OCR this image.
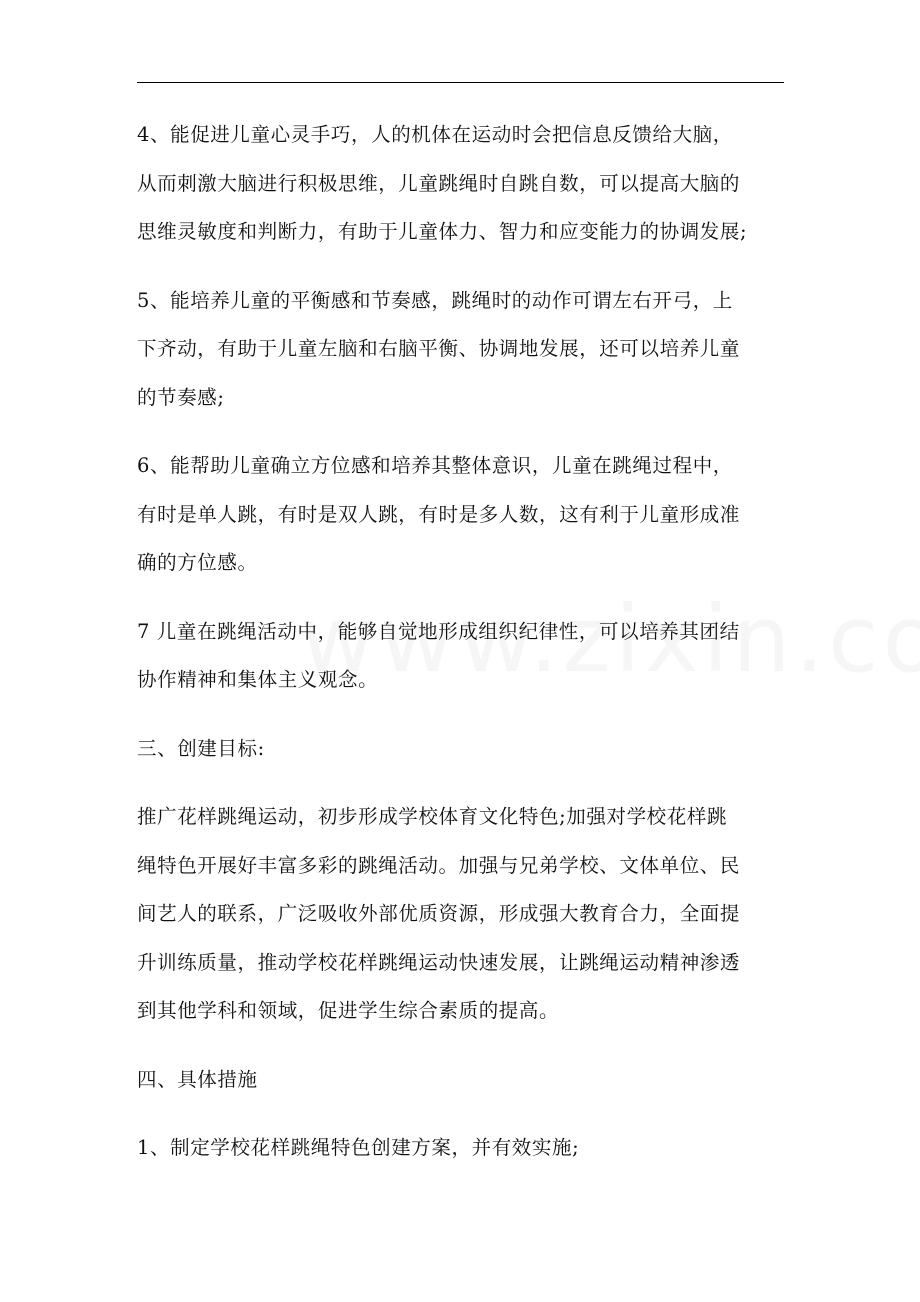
4、能促进儿童心灵手巧，人的机体在运动时会把信息反馈给大脑，
从而刺激大脑进行积极思维，儿童跳绳时自跳自数，可以提高大脑的
思维灵敏度和判断力，有助于儿童体力、智力和应变能力的协调发展;

5、能培养儿童的平衡感和节奏感，跳绳时的动作可谓左右开弓，上
下齐动，有助于儿童左脑和右脑平衡、协调地发展，还可以培养儿童
的节奏感;

6、能帮助儿童确立方位感和培养其整体意识，儿童在跳绳过程中，
有时是单人跳，有时是双人跳，有时是多人数，这有利于儿童形成准
确的方位感。

7 儿童在跳绳活动中，能够自觉地形成组织纪律性，可以培养其团结
协作精神和集体主义观念。

三、创建目标:

推广花样跳绳运动，初步形成学校体育文化特色;加强对学校花样跳
绳特色开展好丰富多彩的跳绳活动。加强与兄弟学校、文体单位、民
间艺人的联系，广泛吸收外部优质资源，形成强大教育合力，全面提
升训练质量，推动学校花样跳绳运动快速发展，让跳绳运动精神渗透
到其他学科和领域，促进学生综合素质的提高。

四、具体措施

1、制定学校花样跳绳特色创建方案，并有效实施;
